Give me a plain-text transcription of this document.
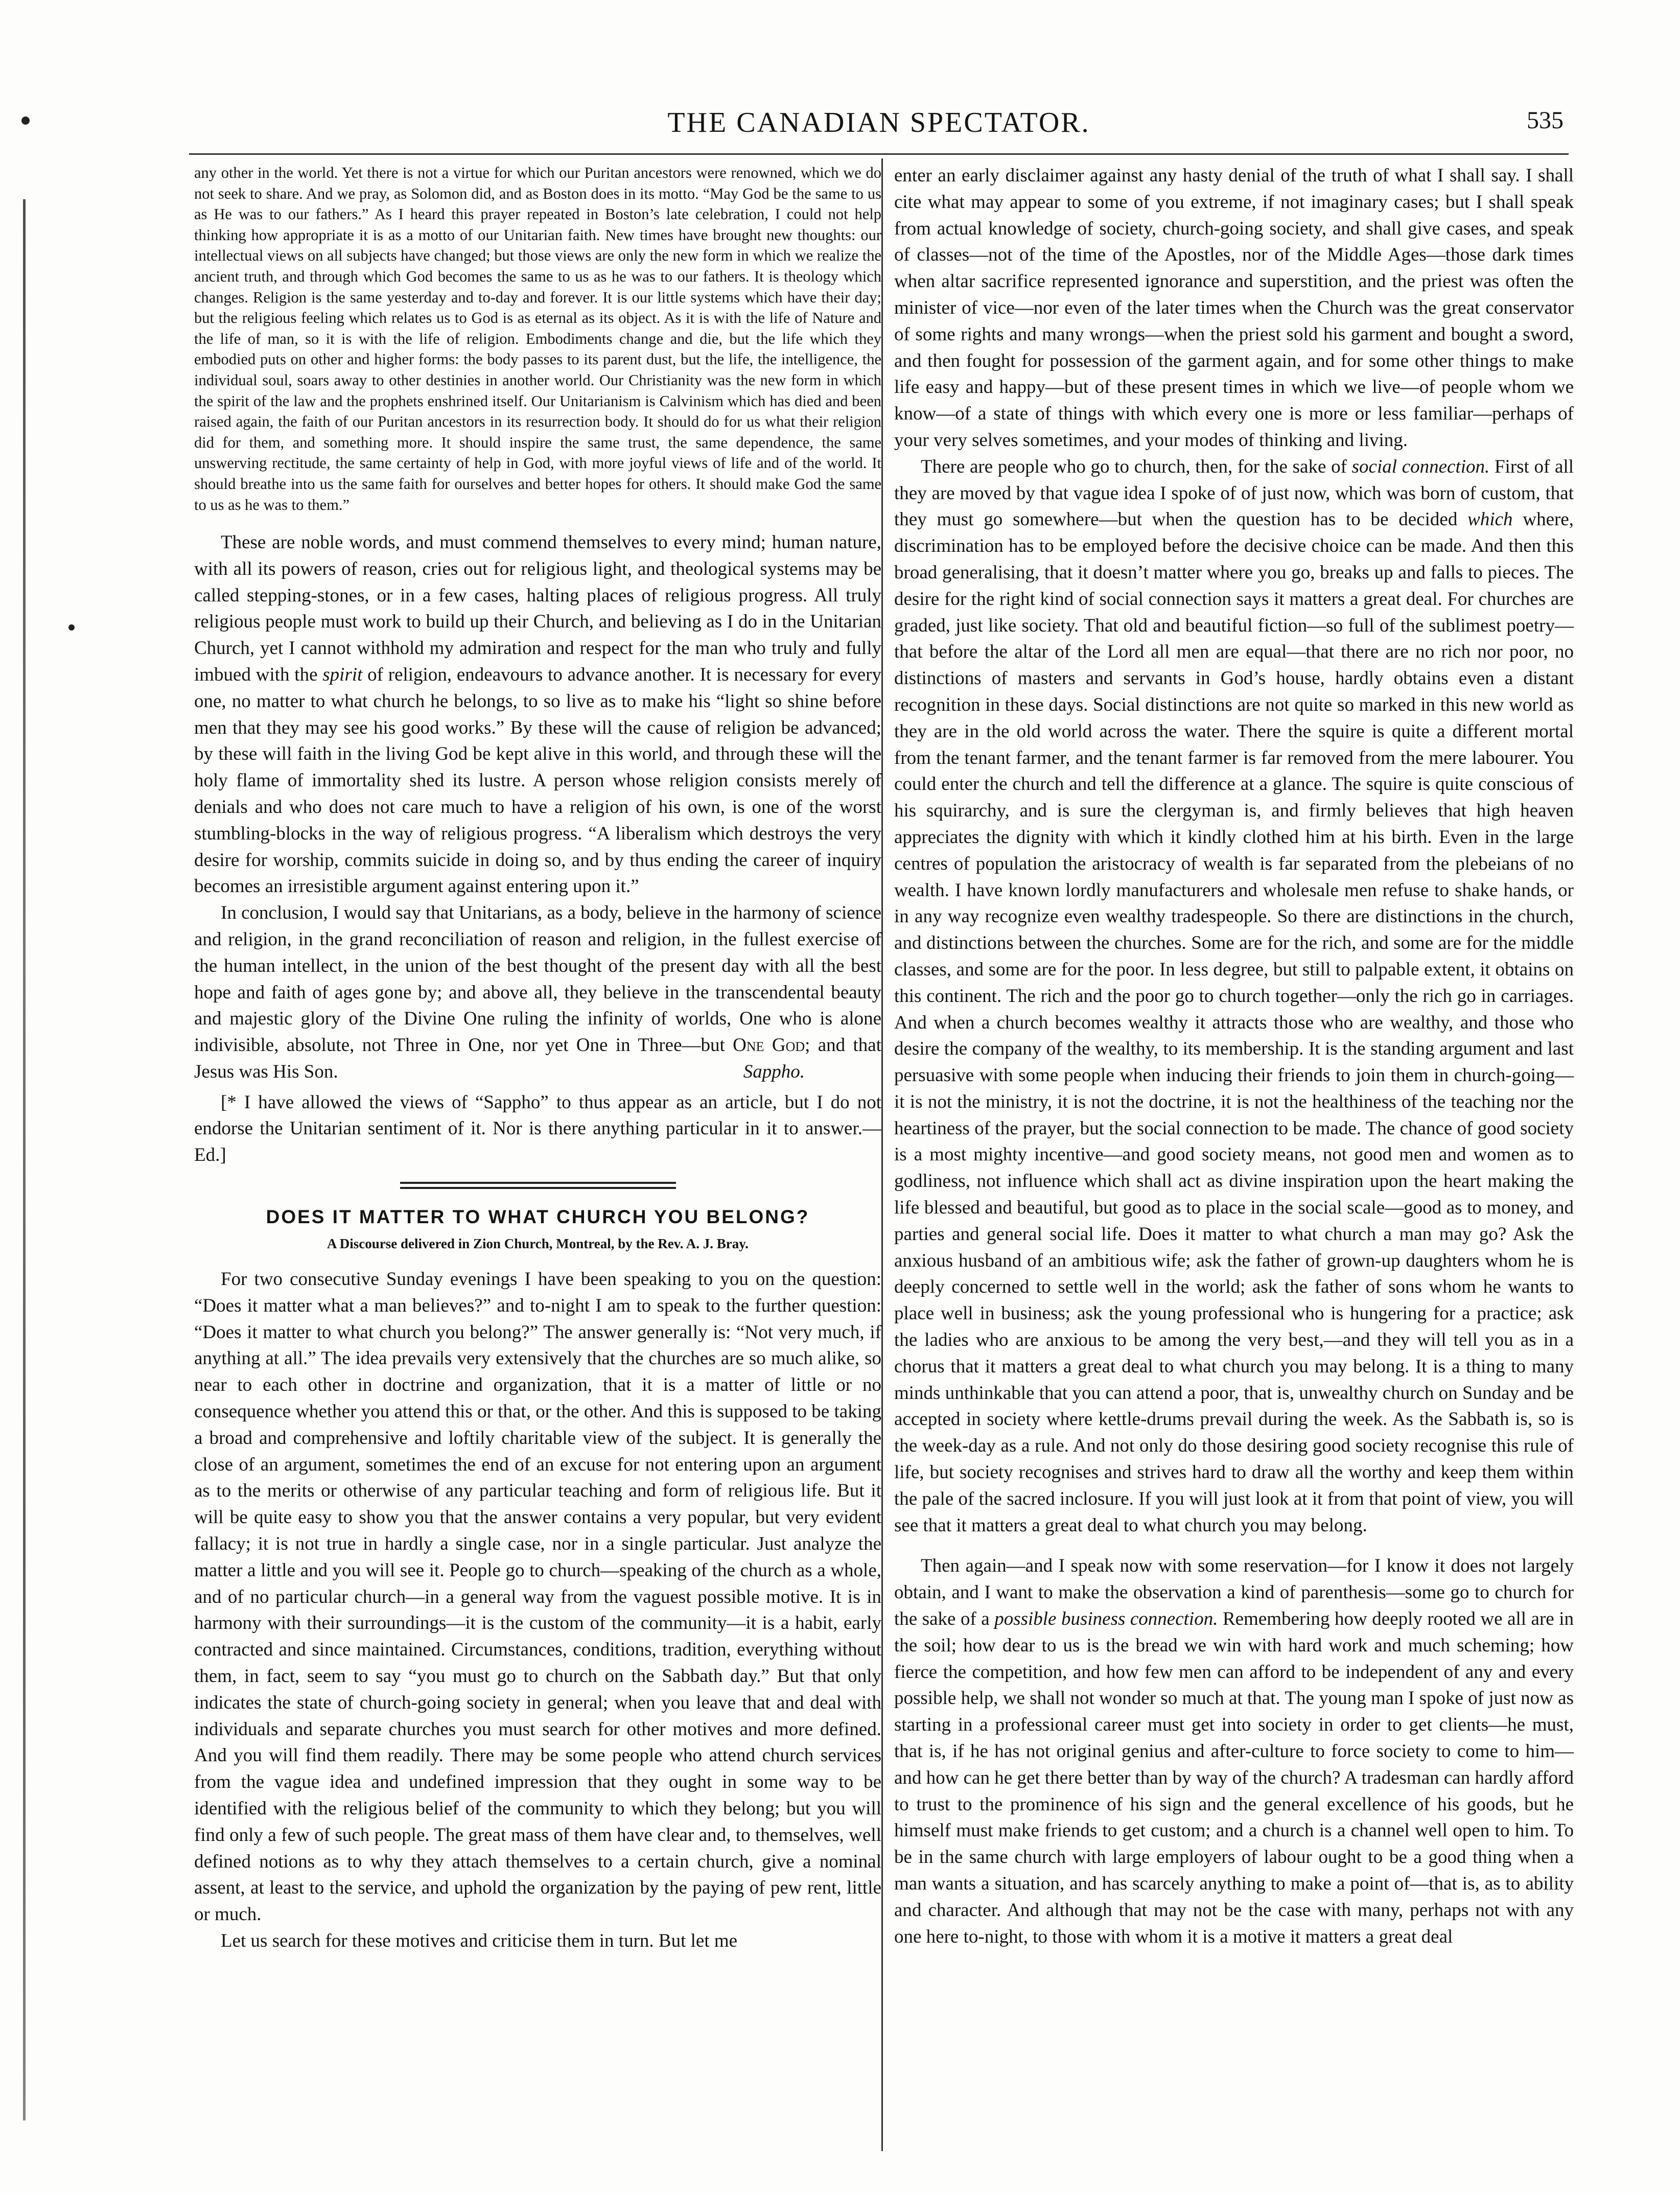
THE CANADIAN SPECTATOR.	535

any other in the world. Yet there is not a virtue for which our Puritan ancestors were renowned, which we do not seek to share. And we pray, as Solomon did, and as Boston does in its motto. “May God be the same to us as He was to our fathers.” As I heard this prayer repeated in Boston’s late celebration, I could not help thinking how appropriate it is as a motto of our Unitarian faith. New times have brought new thoughts: our intellectual views on all subjects have changed; but those views are only the new form in which we realize the ancient truth, and through which God becomes the same to us as he was to our fathers. It is theology which changes. Religion is the same yesterday and to-day and forever. It is our little systems which have their day; but the religious feeling which relates us to God is as eternal as its object. As it is with the life of Nature and the life of man, so it is with the life of religion. Embodiments change and die, but the life which they embodied puts on other and higher forms: the body passes to its parent dust, but the life, the intelligence, the individual soul, soars away to other destinies in another world. Our Christianity was the new form in which the spirit of the law and the prophets enshrined itself. Our Unitarianism is Calvinism which has died and been raised again, the faith of our Puritan ancestors in its resurrection body. It should do for us what their religion did for them, and something more. It should inspire the same trust, the same dependence, the same unswerving rectitude, the same certainty of help in God, with more joyful views of life and of the world. It should breathe into us the same faith for ourselves and better hopes for others. It should make God the same to us as he was to them.”

These are noble words, and must commend themselves to every mind; human nature, with all its powers of reason, cries out for religious light, and theological systems may be called stepping-stones, or in a few cases, halting places of religious progress. All truly religious people must work to build up their Church, and believing as I do in the Unitarian Church, yet I cannot withhold my admiration and respect for the man who truly and fully imbued with the spirit of religion, endeavours to advance another. It is necessary for every one, no matter to what church he belongs, to so live as to make his “light so shine before men that they may see his good works.” By these will the cause of religion be advanced; by these will faith in the living God be kept alive in this world, and through these will the holy flame of immortality shed its lustre. A person whose religion consists merely of denials and who does not care much to have a religion of his own, is one of the worst stumbling-blocks in the way of religious progress. “A liberalism which destroys the very desire for worship, commits suicide in doing so, and by thus ending the career of inquiry becomes an irresistible argument against entering upon it.”

In conclusion, I would say that Unitarians, as a body, believe in the harmony of science and religion, in the grand reconciliation of reason and religion, in the fullest exercise of the human intellect, in the union of the best thought of the present day with all the best hope and faith of ages gone by; and above all, they believe in the transcendental beauty and majestic glory of the Divine One ruling the infinity of worlds, One who is alone indivisible, absolute, not Three in One, nor yet One in Three—but One God; and that Jesus was His Son.	Sappho.

[* I have allowed the views of “Sappho” to thus appear as an article, but I do not endorse the Unitarian sentiment of it. Nor is there anything particular in it to answer.—Ed.]

DOES IT MATTER TO WHAT CHURCH YOU BELONG?
A Discourse delivered in Zion Church, Montreal, by the Rev. A. J. Bray.

For two consecutive Sunday evenings I have been speaking to you on the question: “Does it matter what a man believes?” and to-night I am to speak to the further question: “Does it matter to what church you belong?” The answer generally is: “Not very much, if anything at all.” The idea prevails very extensively that the churches are so much alike, so near to each other in doctrine and organization, that it is a matter of little or no consequence whether you attend this or that, or the other. And this is supposed to be taking a broad and comprehensive and loftily charitable view of the subject. It is generally the close of an argument, sometimes the end of an excuse for not entering upon an argument as to the merits or otherwise of any particular teaching and form of religious life. But it will be quite easy to show you that the answer contains a very popular, but very evident fallacy; it is not true in hardly a single case, nor in a single particular. Just analyze the matter a little and you will see it. People go to church—speaking of the church as a whole, and of no particular church—in a general way from the vaguest possible motive. It is in harmony with their surroundings—it is the custom of the community—it is a habit, early contracted and since maintained. Circumstances, conditions, tradition, everything without them, in fact, seem to say “you must go to church on the Sabbath day.” But that only indicates the state of church-going society in general; when you leave that and deal with individuals and separate churches you must search for other motives and more defined. And you will find them readily. There may be some people who attend church services from the vague idea and undefined impression that they ought in some way to be identified with the religious belief of the community to which they belong; but you will find only a few of such people. The great mass of them have clear and, to themselves, well defined notions as to why they attach themselves to a certain church, give a nominal assent, at least to the service, and uphold the organization by the paying of pew rent, little or much.

Let us search for these motives and criticise them in turn. But let me

enter an early disclaimer against any hasty denial of the truth of what I shall say. I shall cite what may appear to some of you extreme, if not imaginary cases; but I shall speak from actual knowledge of society, church-going society, and shall give cases, and speak of classes—not of the time of the Apostles, nor of the Middle Ages—those dark times when altar sacrifice represented ignorance and superstition, and the priest was often the minister of vice—nor even of the later times when the Church was the great conservator of some rights and many wrongs—when the priest sold his garment and bought a sword, and then fought for possession of the garment again, and for some other things to make life easy and happy—but of these present times in which we live—of people whom we know—of a state of things with which every one is more or less familiar—perhaps of your very selves sometimes, and your modes of thinking and living.

There are people who go to church, then, for the sake of social connection. First of all they are moved by that vague idea I spoke of of just now, which was born of custom, that they must go somewhere—but when the question has to be decided which where, discrimination has to be employed before the decisive choice can be made. And then this broad generalising, that it doesn’t matter where you go, breaks up and falls to pieces. The desire for the right kind of social connection says it matters a great deal. For churches are graded, just like society. That old and beautiful fiction—so full of the sublimest poetry—that before the altar of the Lord all men are equal—that there are no rich nor poor, no distinctions of masters and servants in God’s house, hardly obtains even a distant recognition in these days. Social distinctions are not quite so marked in this new world as they are in the old world across the water. There the squire is quite a different mortal from the tenant farmer, and the tenant farmer is far removed from the mere labourer. You could enter the church and tell the difference at a glance. The squire is quite conscious of his squirarchy, and is sure the clergyman is, and firmly believes that high heaven appreciates the dignity with which it kindly clothed him at his birth. Even in the large centres of population the aristocracy of wealth is far separated from the plebeians of no wealth. I have known lordly manufacturers and wholesale men refuse to shake hands, or in any way recognize even wealthy tradespeople. So there are distinctions in the church, and distinctions between the churches. Some are for the rich, and some are for the middle classes, and some are for the poor. In less degree, but still to palpable extent, it obtains on this continent. The rich and the poor go to church together—only the rich go in carriages. And when a church becomes wealthy it attracts those who are wealthy, and those who desire the company of the wealthy, to its membership. It is the standing argument and last persuasive with some people when inducing their friends to join them in church-going—it is not the ministry, it is not the doctrine, it is not the healthiness of the teaching nor the heartiness of the prayer, but the social connection to be made. The chance of good society is a most mighty incentive—and good society means, not good men and women as to godliness, not influence which shall act as divine inspiration upon the heart making the life blessed and beautiful, but good as to place in the social scale—good as to money, and parties and general social life. Does it matter to what church a man may go? Ask the anxious husband of an ambitious wife; ask the father of grown-up daughters whom he is deeply concerned to settle well in the world; ask the father of sons whom he wants to place well in business; ask the young professional who is hungering for a practice; ask the ladies who are anxious to be among the very best,—and they will tell you as in a chorus that it matters a great deal to what church you may belong. It is a thing to many minds unthinkable that you can attend a poor, that is, unwealthy church on Sunday and be accepted in society where kettle-drums prevail during the week. As the Sabbath is, so is the week-day as a rule. And not only do those desiring good society recognise this rule of life, but society recognises and strives hard to draw all the worthy and keep them within the pale of the sacred inclosure. If you will just look at it from that point of view, you will see that it matters a great deal to what church you may belong.

Then again—and I speak now with some reservation—for I know it does not largely obtain, and I want to make the observation a kind of parenthesis—some go to church for the sake of a possible business connection. Remembering how deeply rooted we all are in the soil; how dear to us is the bread we win with hard work and much scheming; how fierce the competition, and how few men can afford to be independent of any and every possible help, we shall not wonder so much at that. The young man I spoke of just now as starting in a professional career must get into society in order to get clients—he must, that is, if he has not original genius and after-culture to force society to come to him—and how can he get there better than by way of the church? A tradesman can hardly afford to trust to the prominence of his sign and the general excellence of his goods, but he himself must make friends to get custom; and a church is a channel well open to him. To be in the same church with large employers of labour ought to be a good thing when a man wants a situation, and has scarcely anything to make a point of—that is, as to ability and character. And although that may not be the case with many, perhaps not with any one here to-night, to those with whom it is a motive it matters a great deal
